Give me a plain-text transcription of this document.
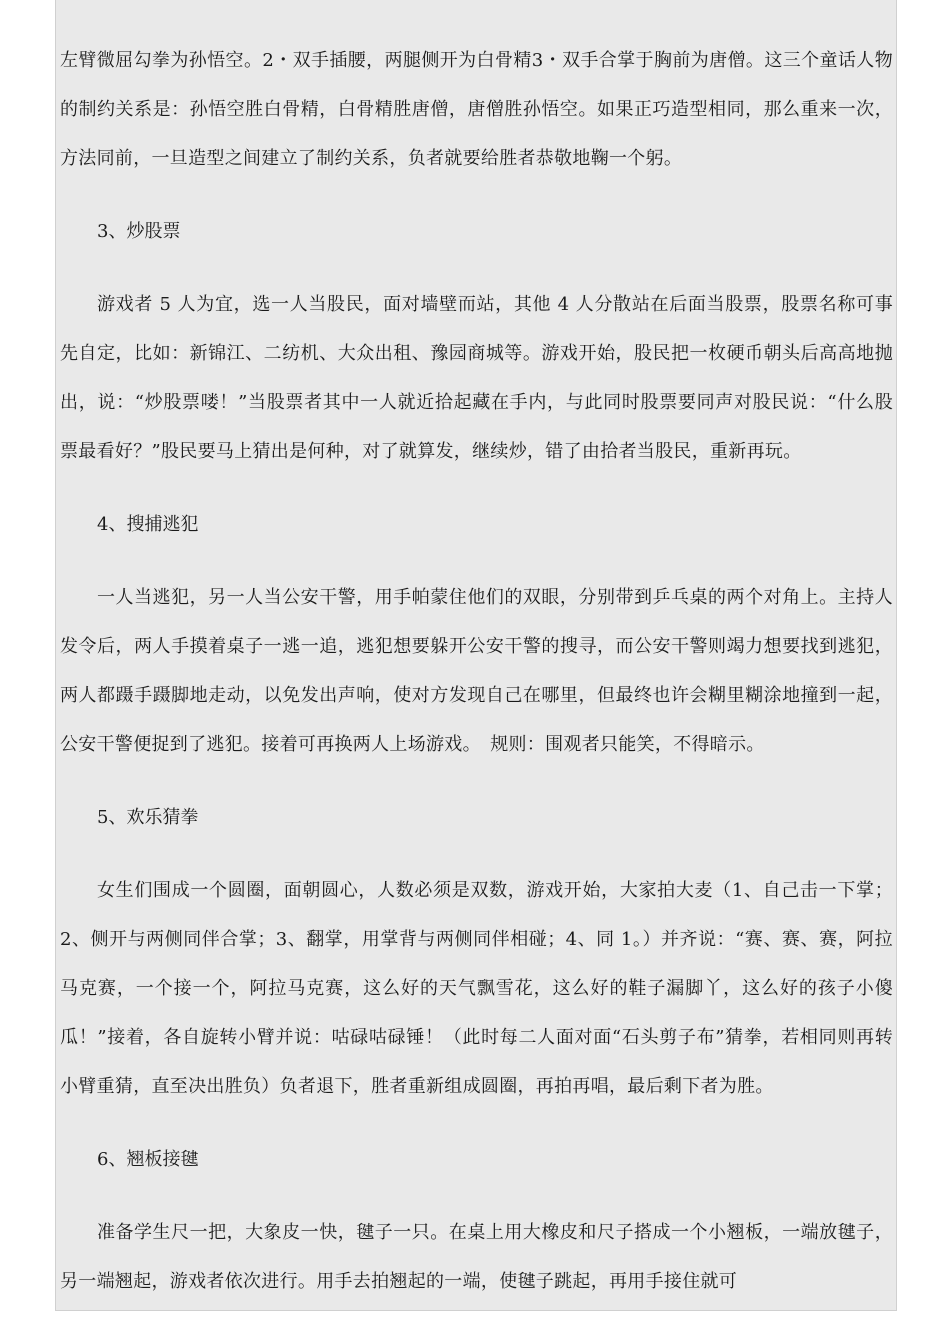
左臂微屈勾拳为孙悟空。2・双手插腰，两腿侧开为白骨精3・双手合掌于胸前为唐僧。这三个童话人物的制约关系是：孙悟空胜白骨精，白骨精胜唐僧，唐僧胜孙悟空。如果正巧造型相同，那么重来一次，方法同前，一旦造型之间建立了制约关系，负者就要给胜者恭敬地鞠一个躬。

3、炒股票

游戏者 5 人为宜，选一人当股民，面对墙壁而站，其他 4 人分散站在后面当股票，股票名称可事先自定，比如：新锦江、二纺机、大众出租、豫园商城等。游戏开始，股民把一枚硬币朝头后高高地抛出，说：“炒股票喽！”当股票者其中一人就近拾起藏在手内，与此同时股票要同声对股民说：“什么股票最看好？”股民要马上猜出是何种，对了就算发，继续炒，错了由拾者当股民，重新再玩。

4、搜捕逃犯

一人当逃犯，另一人当公安干警，用手帕蒙住他们的双眼，分别带到乒乓桌的两个对角上。主持人发令后，两人手摸着桌子一逃一追，逃犯想要躲开公安干警的搜寻，而公安干警则竭力想要找到逃犯，两人都蹑手蹑脚地走动，以免发出声响，使对方发现自己在哪里，但最终也许会糊里糊涂地撞到一起，公安干警便捉到了逃犯。接着可再换两人上场游戏。　规则：围观者只能笑，不得暗示。

5、欢乐猜拳

女生们围成一个圆圈，面朝圆心，人数必须是双数，游戏开始，大家拍大麦（1、自己击一下掌；2、侧开与两侧同伴合掌；3、翻掌，用掌背与两侧同伴相碰；4、同 1。）并齐说：“赛、赛、赛，阿拉马克赛，一个接一个，阿拉马克赛，这么好的天气飘雪花，这么好的鞋子漏脚丫，这么好的孩子小傻瓜！”接着，各自旋转小臂并说：咕碌咕碌锤！（此时每二人面对面“石头剪子布”猜拳，若相同则再转小臂重猜，直至决出胜负）负者退下，胜者重新组成圆圈，再拍再唱，最后剩下者为胜。

6、翘板接毽

准备学生尺一把，大象皮一快，毽子一只。在桌上用大橡皮和尺子搭成一个小翘板，一端放毽子，另一端翘起，游戏者依次进行。用手去拍翘起的一端，使毽子跳起，再用手接住就可
